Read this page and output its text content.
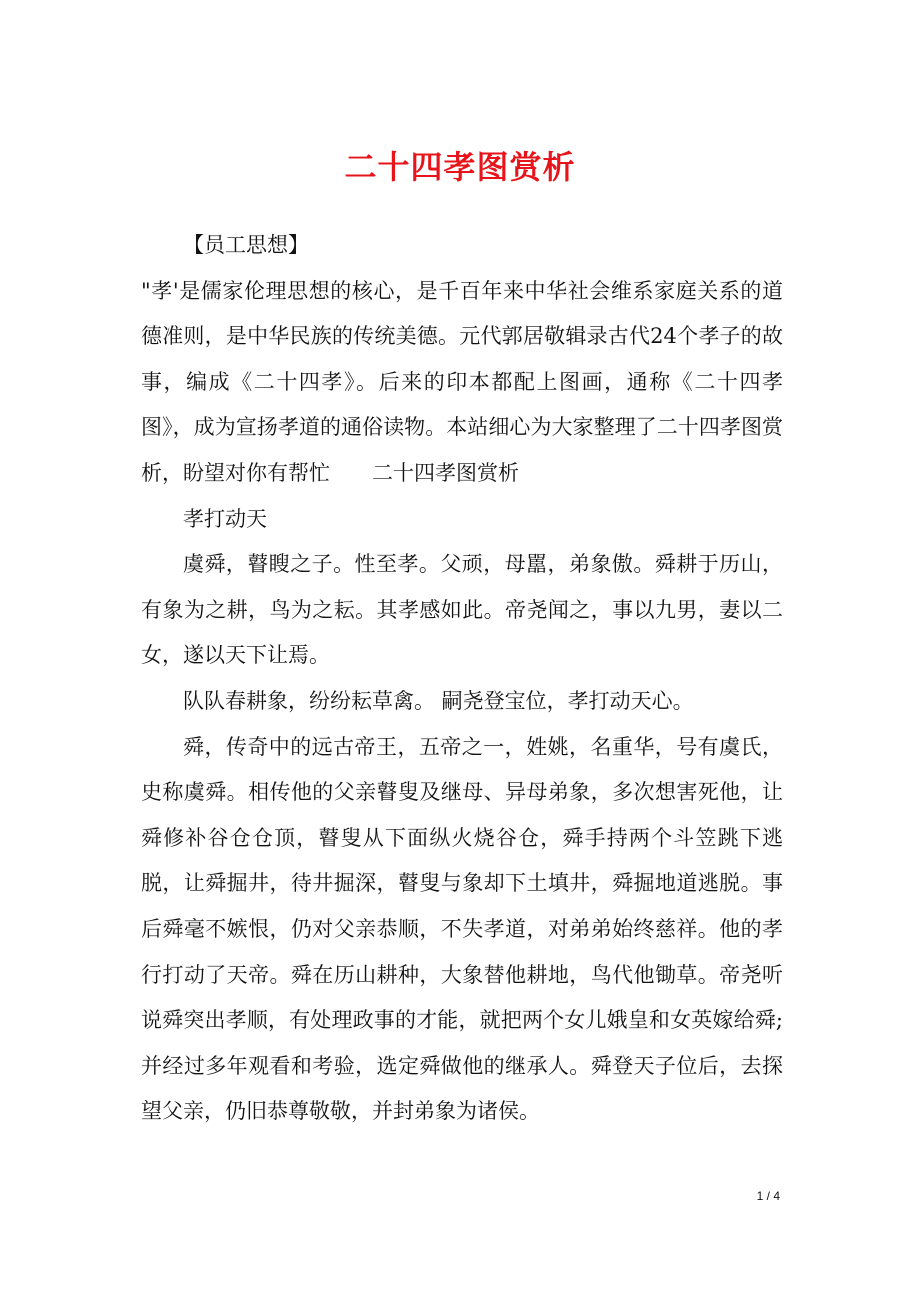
二十四孝图赏析

【员工思想】

"孝'是儒家伦理思想的核心，是千百年来中华社会维系家庭关系的道德准则，是中华民族的传统美德。元代郭居敬辑录古代24个孝子的故事，编成《二十四孝》。后来的印本都配上图画，通称《二十四孝图》，成为宣扬孝道的通俗读物。本站细心为大家整理了二十四孝图赏析，盼望对你有帮忙 二十四孝图赏析

孝打动天

虞舜，瞽瞍之子。性至孝。父顽，母嚚，弟象傲。舜耕于历山，有象为之耕，鸟为之耘。其孝感如此。帝尧闻之，事以九男，妻以二女，遂以天下让焉。

队队春耕象，纷纷耘草禽。 嗣尧登宝位，孝打动天心。

舜，传奇中的远古帝王，五帝之一，姓姚，名重华，号有虞氏，史称虞舜。相传他的父亲瞽叟及继母、异母弟象，多次想害死他，让舜修补谷仓仓顶，瞽叟从下面纵火烧谷仓，舜手持两个斗笠跳下逃脱，让舜掘井，待井掘深，瞽叟与象却下土填井，舜掘地道逃脱。事后舜毫不嫉恨，仍对父亲恭顺，不失孝道，对弟弟始终慈祥。他的孝行打动了天帝。舜在历山耕种，大象替他耕地，鸟代他锄草。帝尧听说舜突出孝顺，有处理政事的才能，就把两个女儿娥皇和女英嫁给舜;并经过多年观看和考验，选定舜做他的继承人。舜登天子位后，去探望父亲，仍旧恭尊敬敬，并封弟象为诸侯。

1 / 4
